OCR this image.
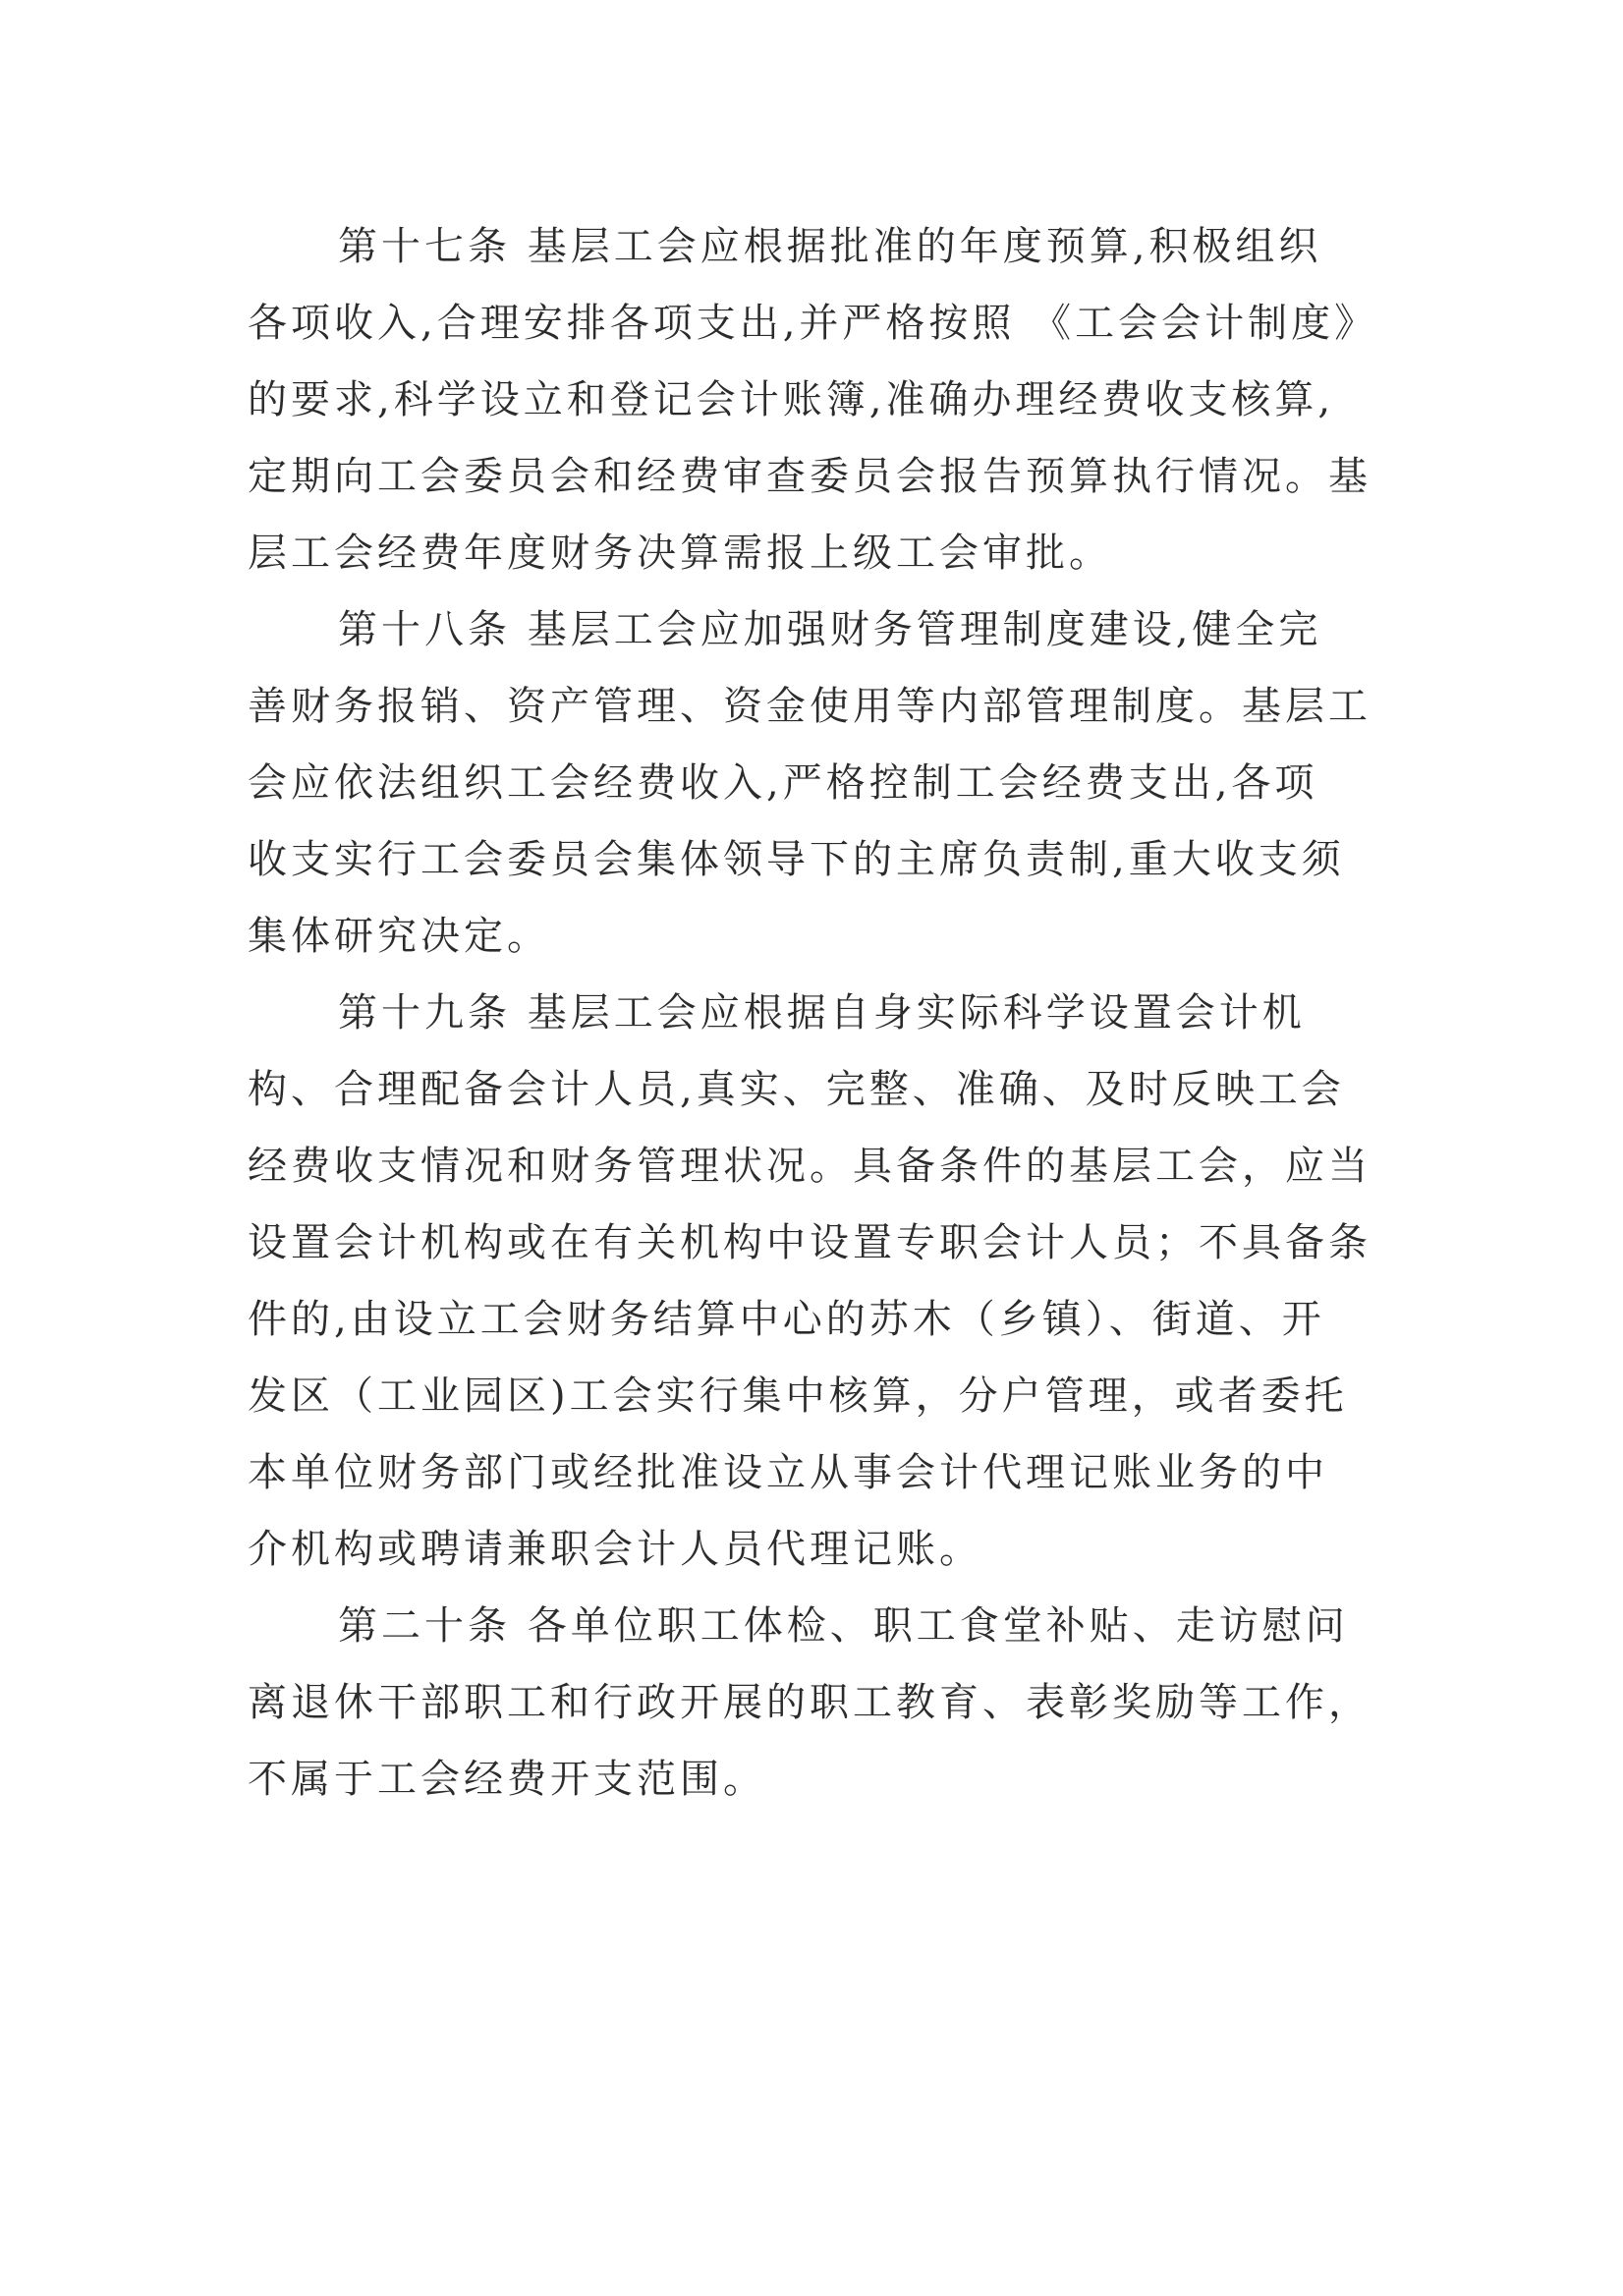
第十七条 基层工会应根据批准的年度预算,积极组织
各项收入,合理安排各项支出,并严格按照 《工会会计制度》
的要求,科学设立和登记会计账簿,准确办理经费收支核算,
定期向工会委员会和经费审查委员会报告预算执行情况。基
层工会经费年度财务决算需报上级工会审批。
第十八条 基层工会应加强财务管理制度建设,健全完
善财务报销、资产管理、资金使用等内部管理制度。基层工
会应依法组织工会经费收入,严格控制工会经费支出,各项
收支实行工会委员会集体领导下的主席负责制,重大收支须
集体研究决定。
第十九条 基层工会应根据自身实际科学设置会计机
构、合理配备会计人员,真实、完整、准确、及时反映工会
经费收支情况和财务管理状况。具备条件的基层工会，应当
设置会计机构或在有关机构中设置专职会计人员；不具备条
件的,由设立工会财务结算中心的苏木（乡镇）、街道、开
发区（工业园区)工会实行集中核算，分户管理，或者委托
本单位财务部门或经批准设立从事会计代理记账业务的中
介机构或聘请兼职会计人员代理记账。
第二十条 各单位职工体检、职工食堂补贴、走访慰问
离退休干部职工和行政开展的职工教育、表彰奖励等工作，
不属于工会经费开支范围。
